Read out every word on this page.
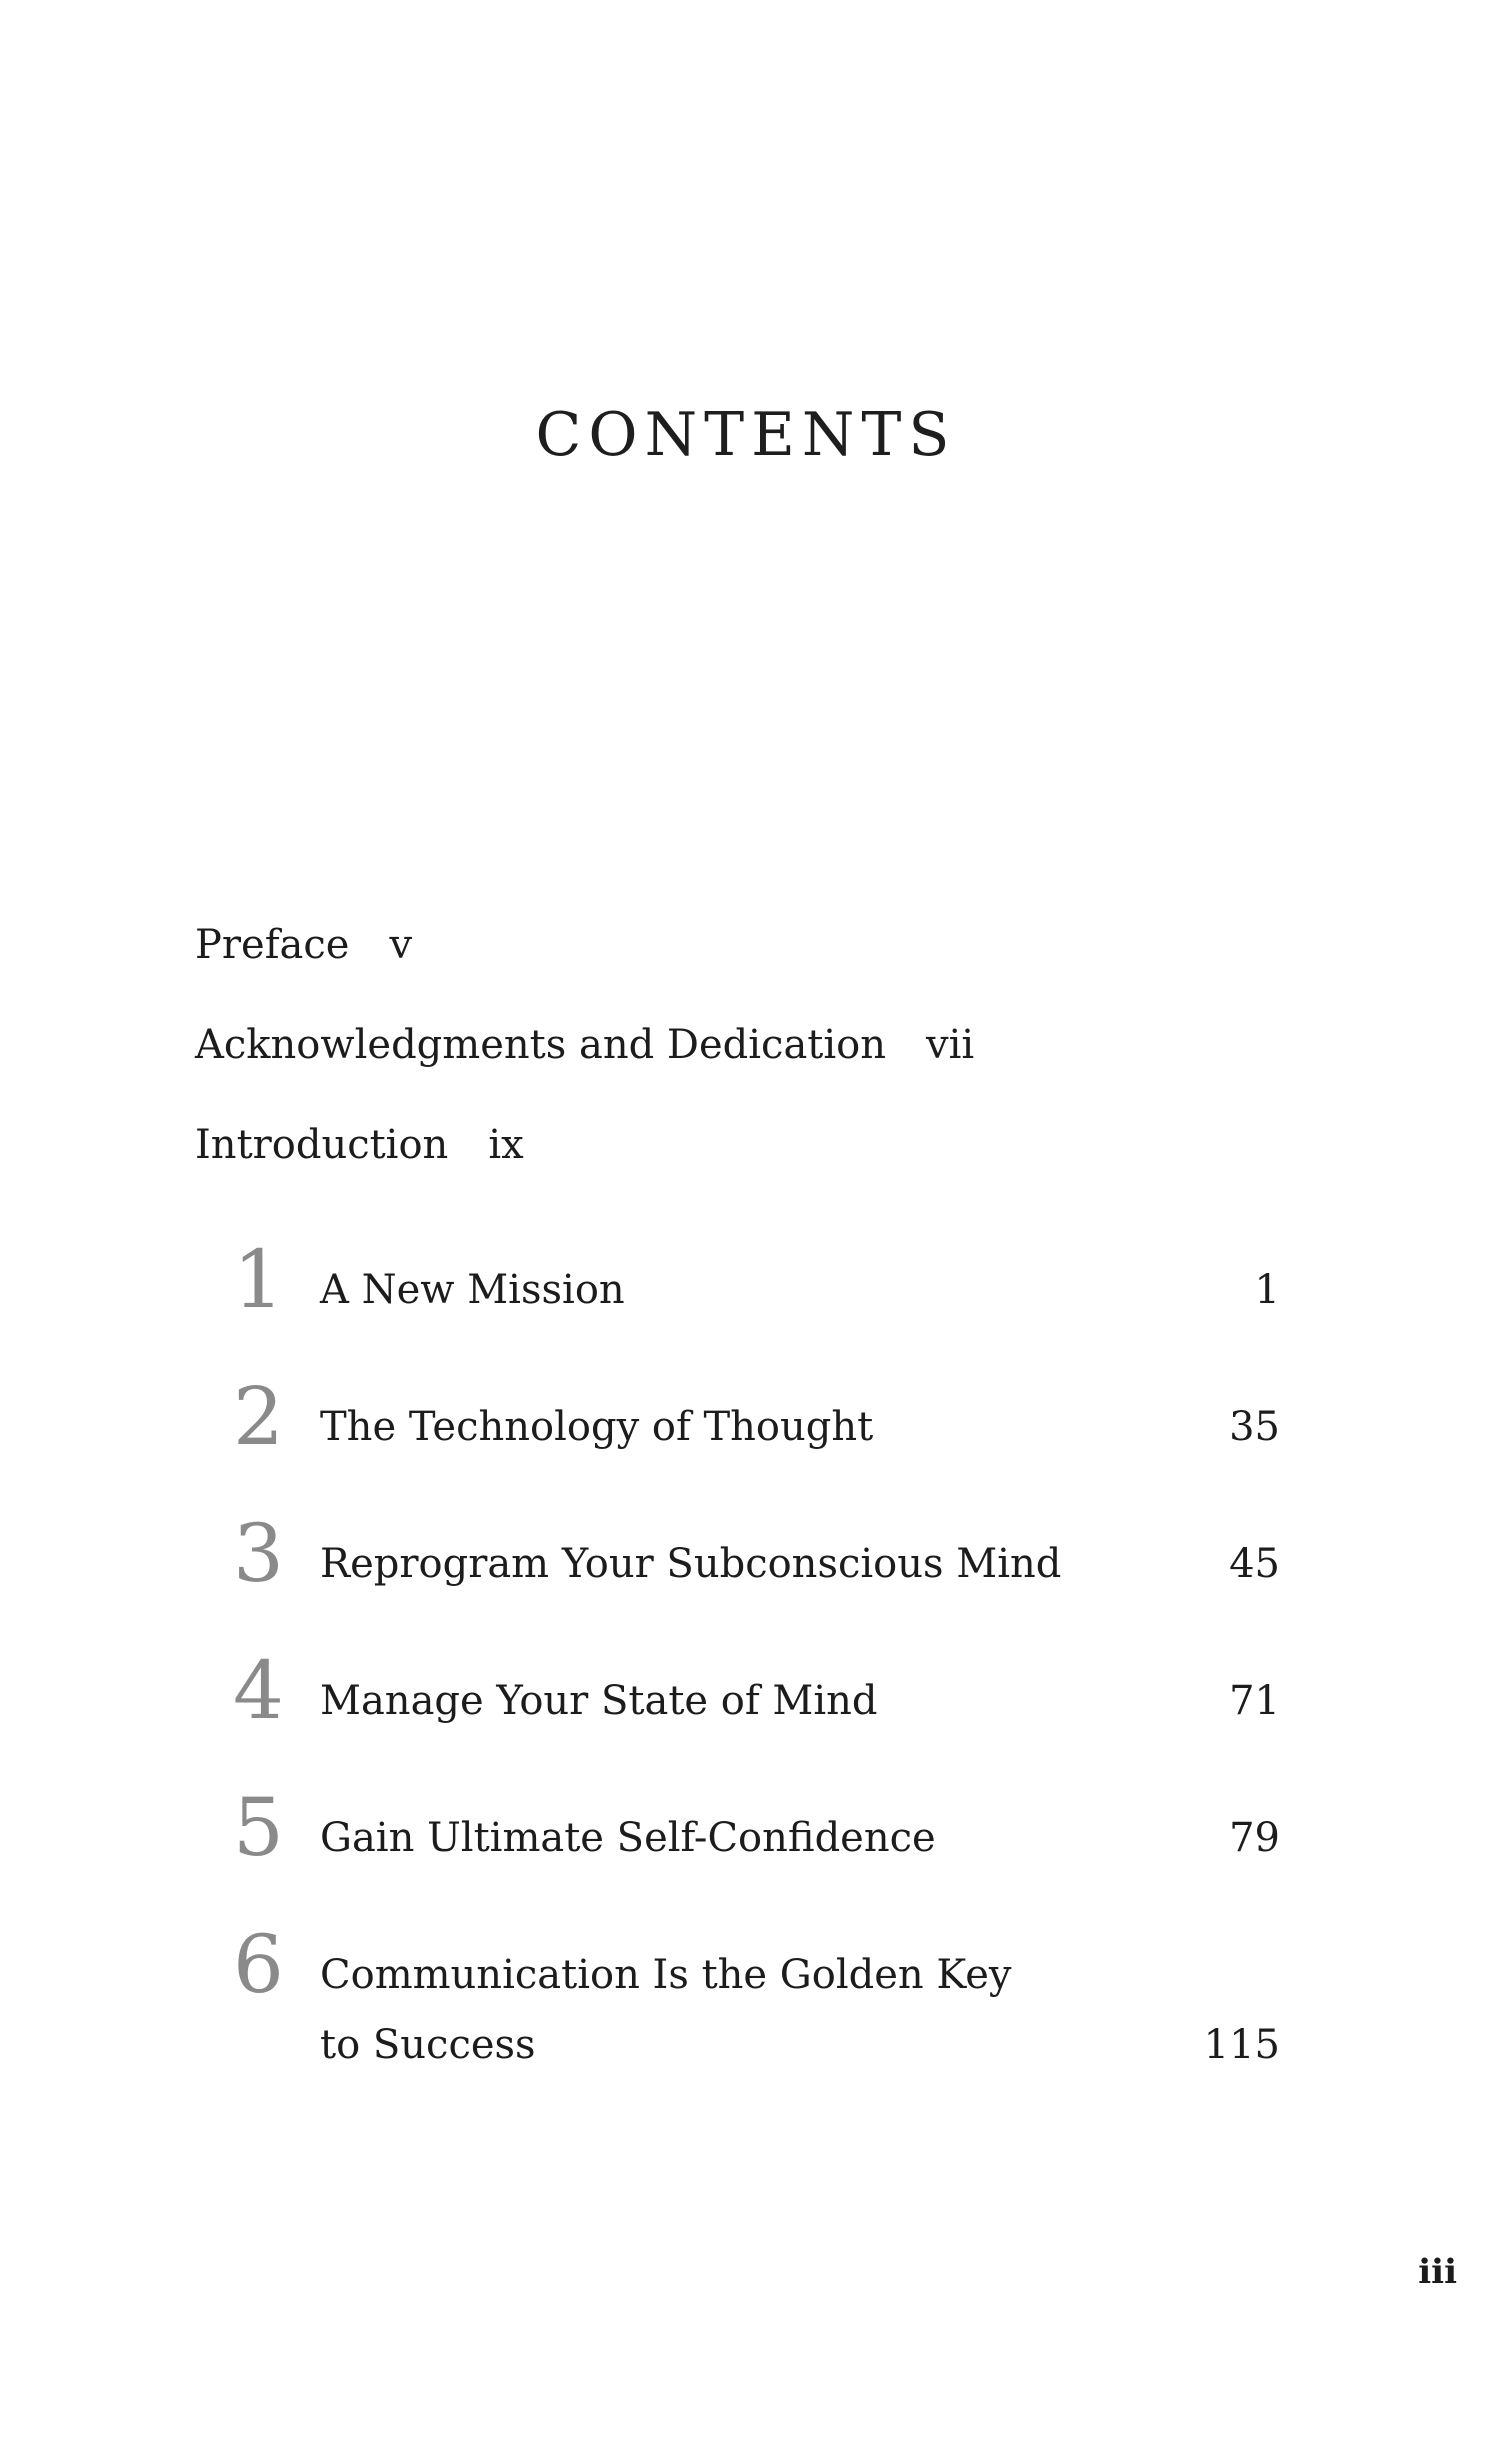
CONTENTS
Preface v
Acknowledgments and Dedication vii
Introduction ix
1 A New Mission	1
2 The Technology of Thought	35
3 Reprogram Your Subconscious Mind	45
4 Manage Your State of Mind	71
5 Gain Ultimate Self-Confidence	79
6 Communication Is the Golden Key to Success	115
iii
